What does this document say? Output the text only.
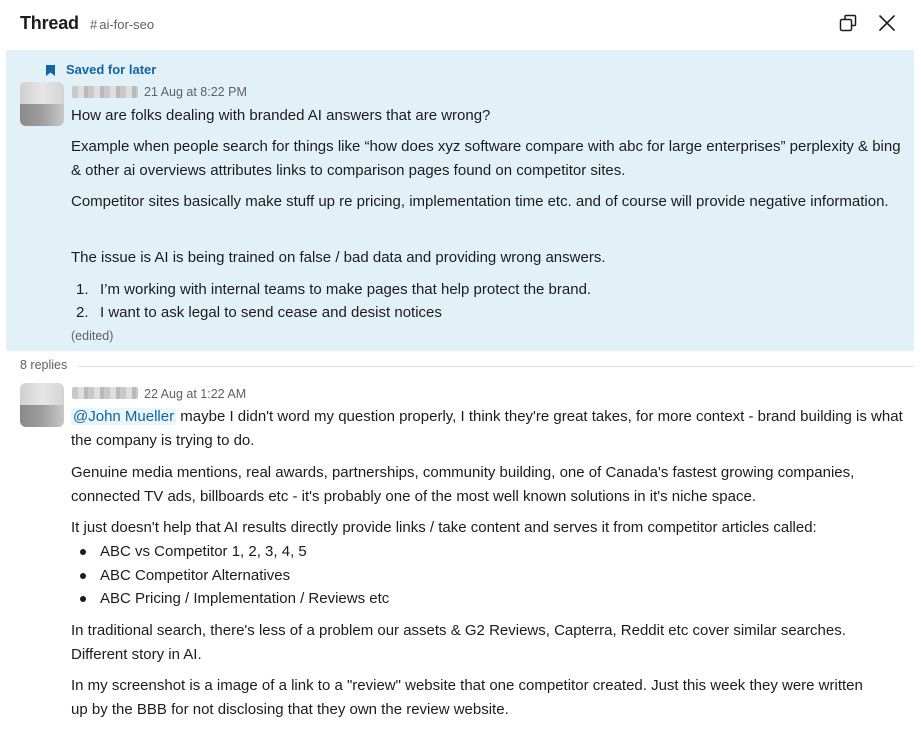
Thread # ai-for-seo
Saved for later
21 Aug at 8:22 PM
How are folks dealing with branded AI answers that are wrong?
Example when people search for things like “how does xyz software compare with abc for large enterprises” perplexity & bing & other ai overviews attributes links to comparison pages found on competitor sites.
Competitor sites basically make stuff up re pricing, implementation time etc. and of course will provide negative information.
The issue is AI is being trained on false / bad data and providing wrong answers.
1. I’m working with internal teams to make pages that help protect the brand.
2. I want to ask legal to send cease and desist notices
(edited)
8 replies
22 Aug at 1:22 AM
@John Mueller maybe I didn't word my question properly, I think they're great takes, for more context - brand building is what the company is trying to do.
Genuine media mentions, real awards, partnerships, community building, one of Canada's fastest growing companies, connected TV ads, billboards etc - it's probably one of the most well known solutions in it's niche space.
It just doesn't help that AI results directly provide links / take content and serves it from competitor articles called:
ABC vs Competitor 1, 2, 3, 4, 5
ABC Competitor Alternatives
ABC Pricing / Implementation / Reviews etc
In traditional search, there's less of a problem our assets & G2 Reviews, Capterra, Reddit etc cover similar searches. Different story in AI.
In my screenshot is a image of a link to a "review" website that one competitor created. Just this week they were written up by the BBB for not disclosing that they own the review website.
